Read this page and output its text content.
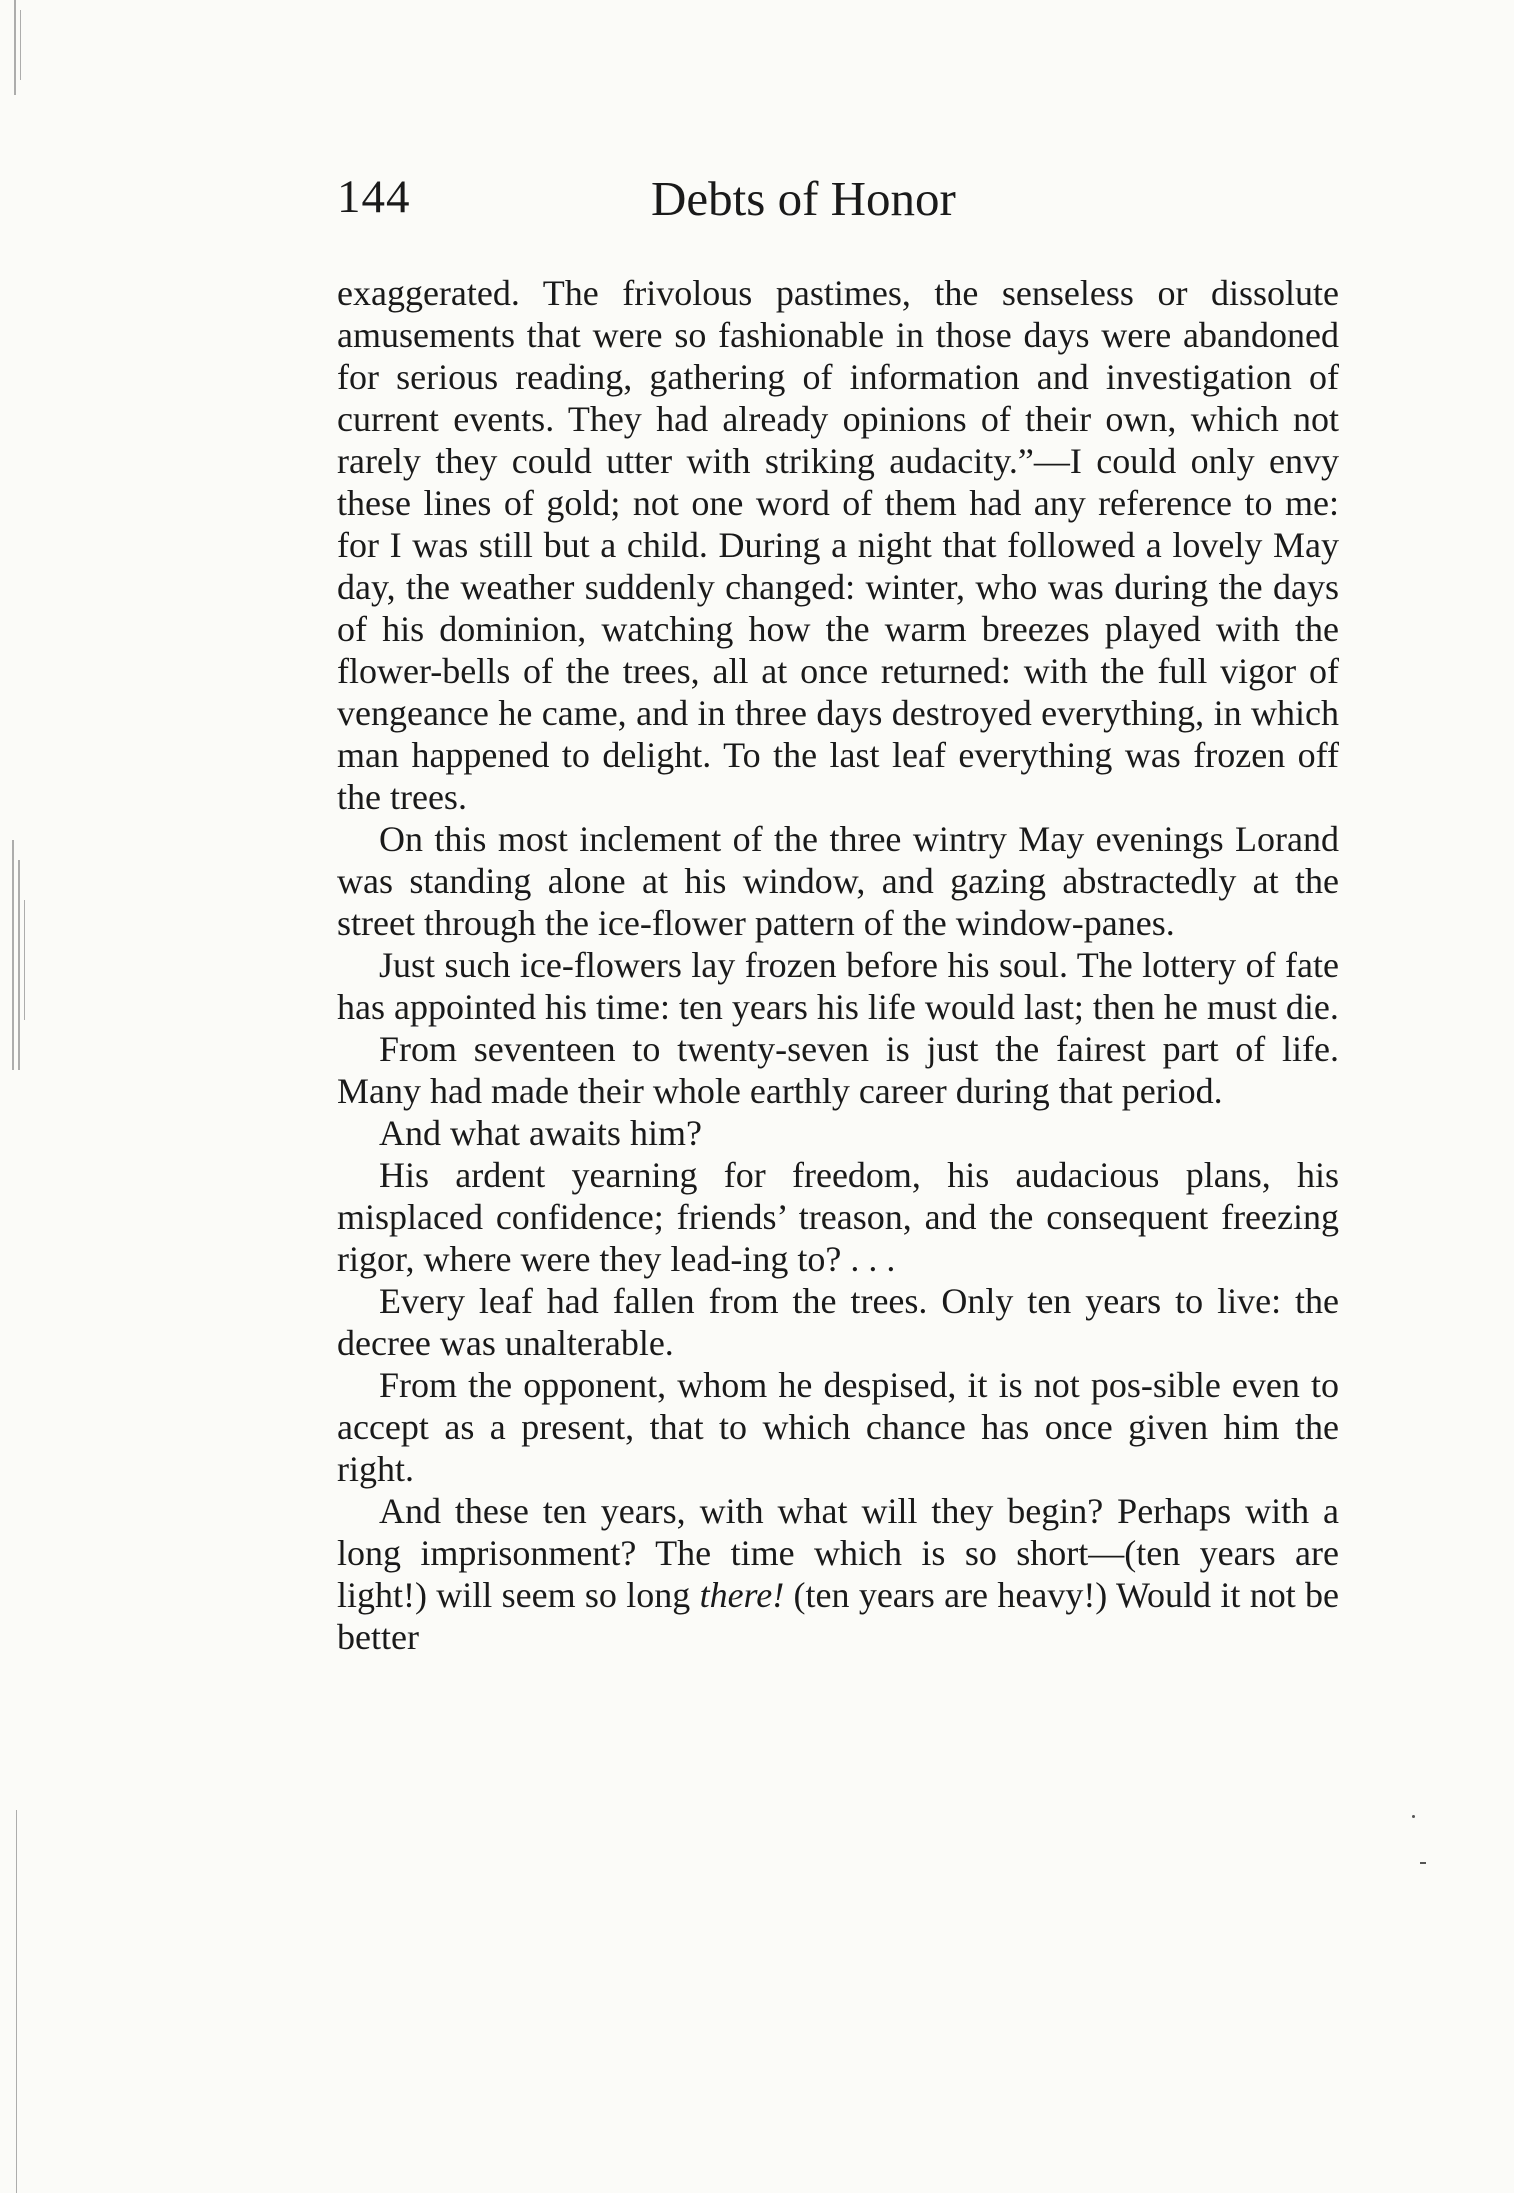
144	Debts of Honor

exaggerated. The frivolous pastimes, the senseless or dissolute amusements that were so fashionable in those days were abandoned for serious reading, gathering of information and investigation of current events. They had already opinions of their own, which not rarely they could utter with striking audacity.”—I could only envy these lines of gold; not one word of them had any reference to me: for I was still but a child. During a night that followed a lovely May day, the weather suddenly changed: winter, who was during the days of his dominion, watching how the warm breezes played with the flower-bells of the trees, all at once returned: with the full vigor of vengeance he came, and in three days destroyed everything, in which man happened to delight. To the last leaf everything was frozen off the trees.

On this most inclement of the three wintry May evenings Lorand was standing alone at his window, and gazing abstractedly at the street through the ice-flower pattern of the window-panes.

Just such ice-flowers lay frozen before his soul. The lottery of fate has appointed his time: ten years his life would last; then he must die.

From seventeen to twenty-seven is just the fairest part of life. Many had made their whole earthly career during that period.

And what awaits him?

His ardent yearning for freedom, his audacious plans, his misplaced confidence; friends’ treason, and the consequent freezing rigor, where were they lead-ing to? . . .

Every leaf had fallen from the trees. Only ten years to live: the decree was unalterable.

From the opponent, whom he despised, it is not pos-sible even to accept as a present, that to which chance has once given him the right.

And these ten years, with what will they begin? Perhaps with a long imprisonment? The time which is so short—(ten years are light!) will seem so long there! (ten years are heavy!) Would it not be better
